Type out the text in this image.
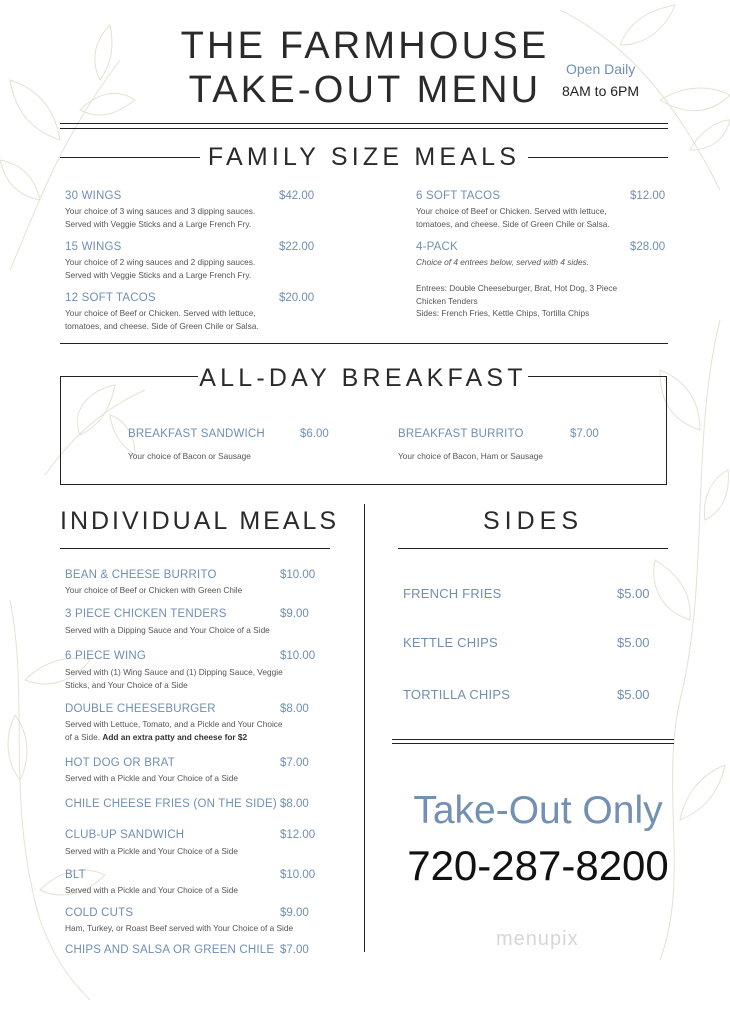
THE FARMHOUSE
TAKE-OUT MENU	Open Daily
8AM to 6PM
FAMILY SIZE MEALS
30 WINGS	$42.00
Your choice of 3 wing sauces and 3 dipping sauces.
Served with Veggie Sticks and a Large French Fry.
15 WINGS	$22.00
Your choice of 2 wing sauces and 2 dipping sauces.
Served with Veggie Sticks and a Large French Fry.
12 SOFT TACOS	$20.00
Your choice of Beef or Chicken. Served with lettuce,
tomatoes, and cheese. Side of Green Chile or Salsa.
6 SOFT TACOS	$12.00
Your choice of Beef or Chicken. Served with lettuce,
tomatoes, and cheese. Side of Green Chile or Salsa.
4-PACK	$28.00
Choice of 4 entrees below, served with 4 sides.
Entrees: Double Cheeseburger, Brat, Hot Dog, 3 Piece
Chicken Tenders
Sides: French Fries, Kettle Chips, Tortilla Chips
ALL-DAY BREAKFAST
BREAKFAST SANDWICH	$6.00
Your choice of Bacon or Sausage
BREAKFAST BURRITO	$7.00
Your choice of Bacon, Ham or Sausage
INDIVIDUAL MEALS
BEAN & CHEESE BURRITO	$10.00
Your choice of Beef or Chicken with Green Chile
3 PIECE CHICKEN TENDERS	$9.00
Served with a Dipping Sauce and Your Choice of a Side
6 PIECE WING	$10.00
Served with (1) Wing Sauce and (1) Dipping Sauce, Veggie
Sticks, and Your Choice of a Side
DOUBLE CHEESEBURGER	$8.00
Served with Lettuce, Tomato, and a Pickle and Your Choice
of a Side. Add an extra patty and cheese for $2
HOT DOG OR BRAT	$7.00
Served with a Pickle and Your Choice of a Side
CHILE CHEESE FRIES (ON THE SIDE) $8.00
CLUB-UP SANDWICH	$12.00
Served with a Pickle and Your Choice of a Side
BLT	$10.00
Served with a Pickle and Your Choice of a Side
COLD CUTS	$9.00
Ham, Turkey, or Roast Beef served with Your Choice of a Side
CHIPS AND SALSA OR GREEN CHILE $7.00
SIDES
FRENCH FRIES	$5.00
KETTLE CHIPS	$5.00
TORTILLA CHIPS	$5.00
Take-Out Only
720-287-8200
menupix
